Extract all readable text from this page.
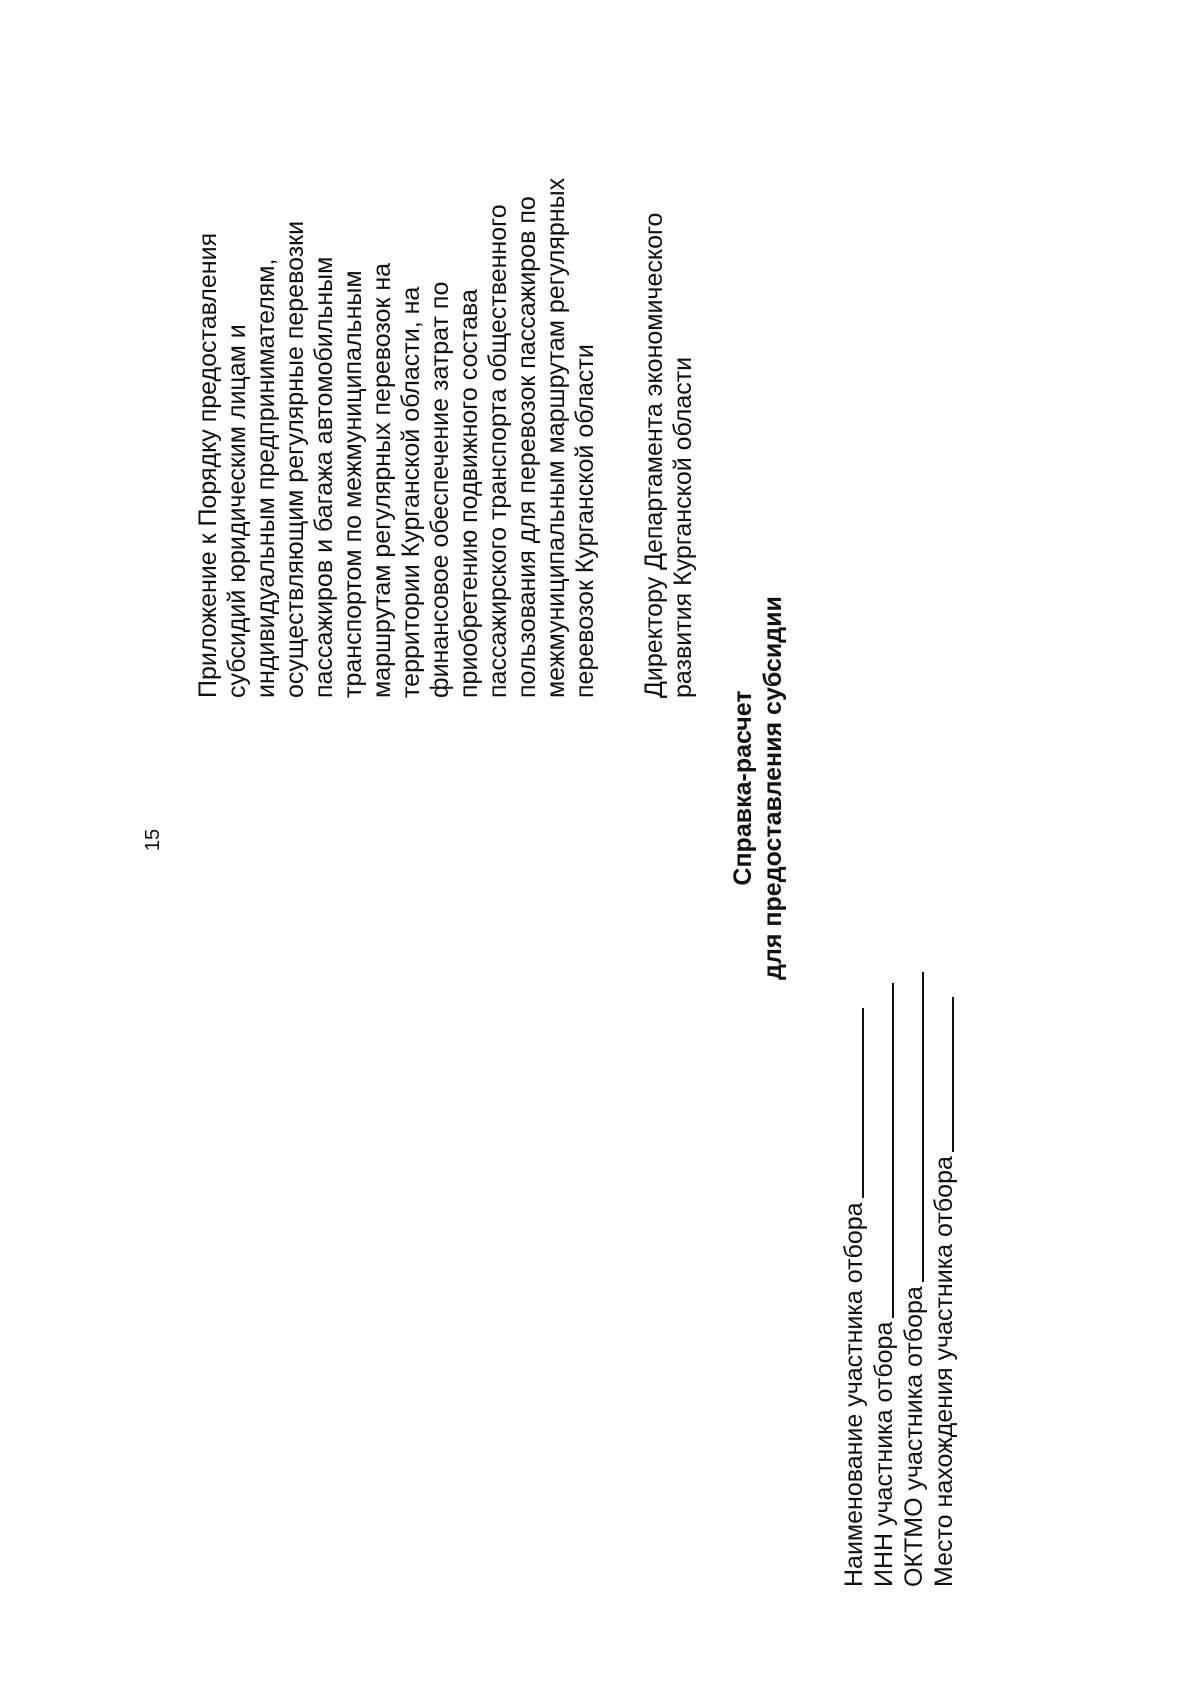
15
Приложение к Порядку предоставления субсидий юридическим лицам и индивидуальным предпринимателям, осуществляющим регулярные перевозки пассажиров и багажа автомобильным транспортом по межмуниципальным маршрутам регулярных перевозок на территории Курганской области, на финансовое обеспечение затрат по приобретению подвижного состава пассажирского транспорта общественного пользования для перевозок пассажиров по межмуниципальным маршрутам регулярных перевозок Курганской области Директору Департамента экономического развития Курганской области
Справка-расчет для предоставления субсидии
Наименование участника отбора ИНН участника отбора ОКТМО участника отбора Место нахождения участника отбора
